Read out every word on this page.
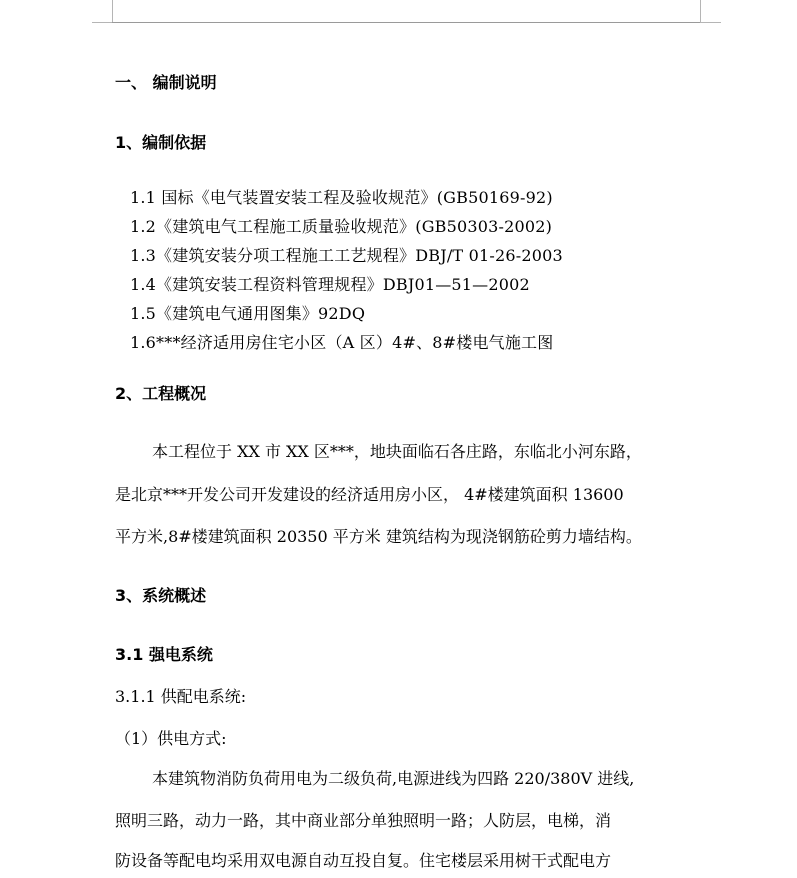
一、 编制说明
1、编制依据
1.1 国标《电气装置安装工程及验收规范》(GB50169-92)
1.2《建筑电气工程施工质量验收规范》(GB50303-2002)
1.3《建筑安装分项工程施工工艺规程》DBJ/T 01-26-2003
1.4《建筑安装工程资料管理规程》DBJ01—51—2002
1.5《建筑电气通用图集》92DQ
1.6***经济适用房住宅小区（A 区）4#、8#楼电气施工图
2、工程概况
本工程位于 XX 市 XX 区***，地块面临石各庄路，东临北小河东路，
是北京***开发公司开发建设的经济适用房小区， 4#楼建筑面积 13600
平方米,8#楼建筑面积 20350 平方米 建筑结构为现浇钢筋砼剪力墙结构。
3、系统概述
3.1 强电系统
3.1.1 供配电系统:
（1）供电方式:
本建筑物消防负荷用电为二级负荷,电源进线为四路 220/380V 进线,
照明三路，动力一路，其中商业部分单独照明一路；人防层，电梯，消
防设备等配电均采用双电源自动互投自复。住宅楼层采用树干式配电方
